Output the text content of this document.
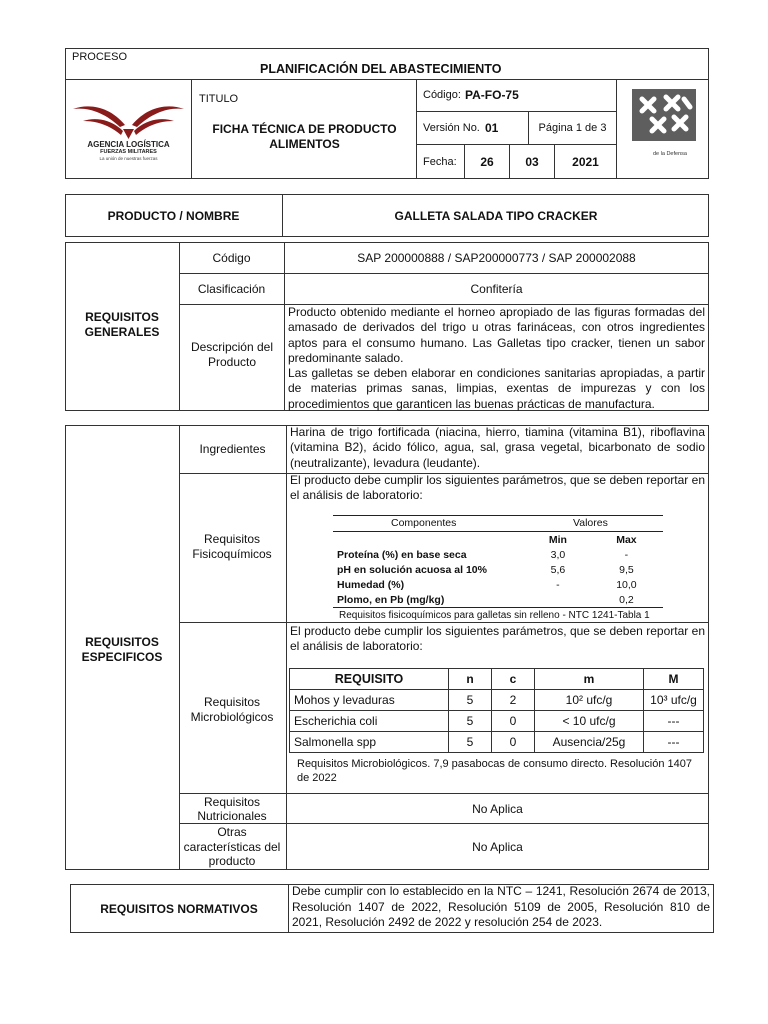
PROCESO
PLANIFICACIÓN DEL ABASTECIMIENTO
AGENCIA LOGÍSTICA
FUERZAS MILITARES
La unión de nuestras fuerzas
TITULO
FICHA TÉCNICA DE PRODUCTO ALIMENTOS
Código: PA-FO-75
Versión No. 01	Página 1 de 3
Fecha: 26	03	2021
de la Defensa
PRODUCTO / NOMBRE	GALLETA SALADA TIPO CRACKER
REQUISITOS GENERALES
Código	SAP 200000888 / SAP200000773 / SAP 200002088
Clasificación	Confitería
Descripción del Producto
Producto obtenido mediante el horneo apropiado de las figuras formadas del amasado de derivados del trigo u otras farináceas, con otros ingredientes aptos para el consumo humano. Las Galletas tipo cracker, tienen un sabor predominante salado.
Las galletas se deben elaborar en condiciones sanitarias apropiadas, a partir de materias primas sanas, limpias, exentas de impurezas y con los procedimientos que garanticen las buenas prácticas de manufactura.
REQUISITOS ESPECIFICOS
Ingredientes
Harina de trigo fortificada (niacina, hierro, tiamina (vitamina B1), riboflavina (vitamina B2), ácido fólico, agua, sal, grasa vegetal, bicarbonato de sodio (neutralizante), levadura (leudante).
Requisitos Fisicoquímicos
El producto debe cumplir los siguientes parámetros, que se deben reportar en el análisis de laboratorio:
Componentes	Valores
	Min	Max
Proteína (%) en base seca	3,0	-
pH en solución acuosa al 10%	5,6	9,5
Humedad (%)	-	10,0
Plomo, en Pb (mg/kg)		0,2
Requisitos fisicoquímicos para galletas sin relleno - NTC 1241-Tabla 1
Requisitos Microbiológicos
El producto debe cumplir los siguientes parámetros, que se deben reportar en el análisis de laboratorio:
REQUISITO	n	c	m	M
Mohos y levaduras	5	2	10² ufc/g	10³ ufc/g
Escherichia coli	5	0	< 10 ufc/g	---
Salmonella spp	5	0	Ausencia/25g	---
Requisitos Microbiológicos. 7,9 pasabocas de consumo directo. Resolución 1407 de 2022
Requisitos Nutricionales	No Aplica
Otras características del producto
No Aplica
REQUISITOS NORMATIVOS
Debe cumplir con lo establecido en la NTC – 1241, Resolución 2674 de 2013, Resolución 1407 de 2022, Resolución 5109 de 2005, Resolución 810 de 2021, Resolución 2492 de 2022 y resolución 254 de 2023.
